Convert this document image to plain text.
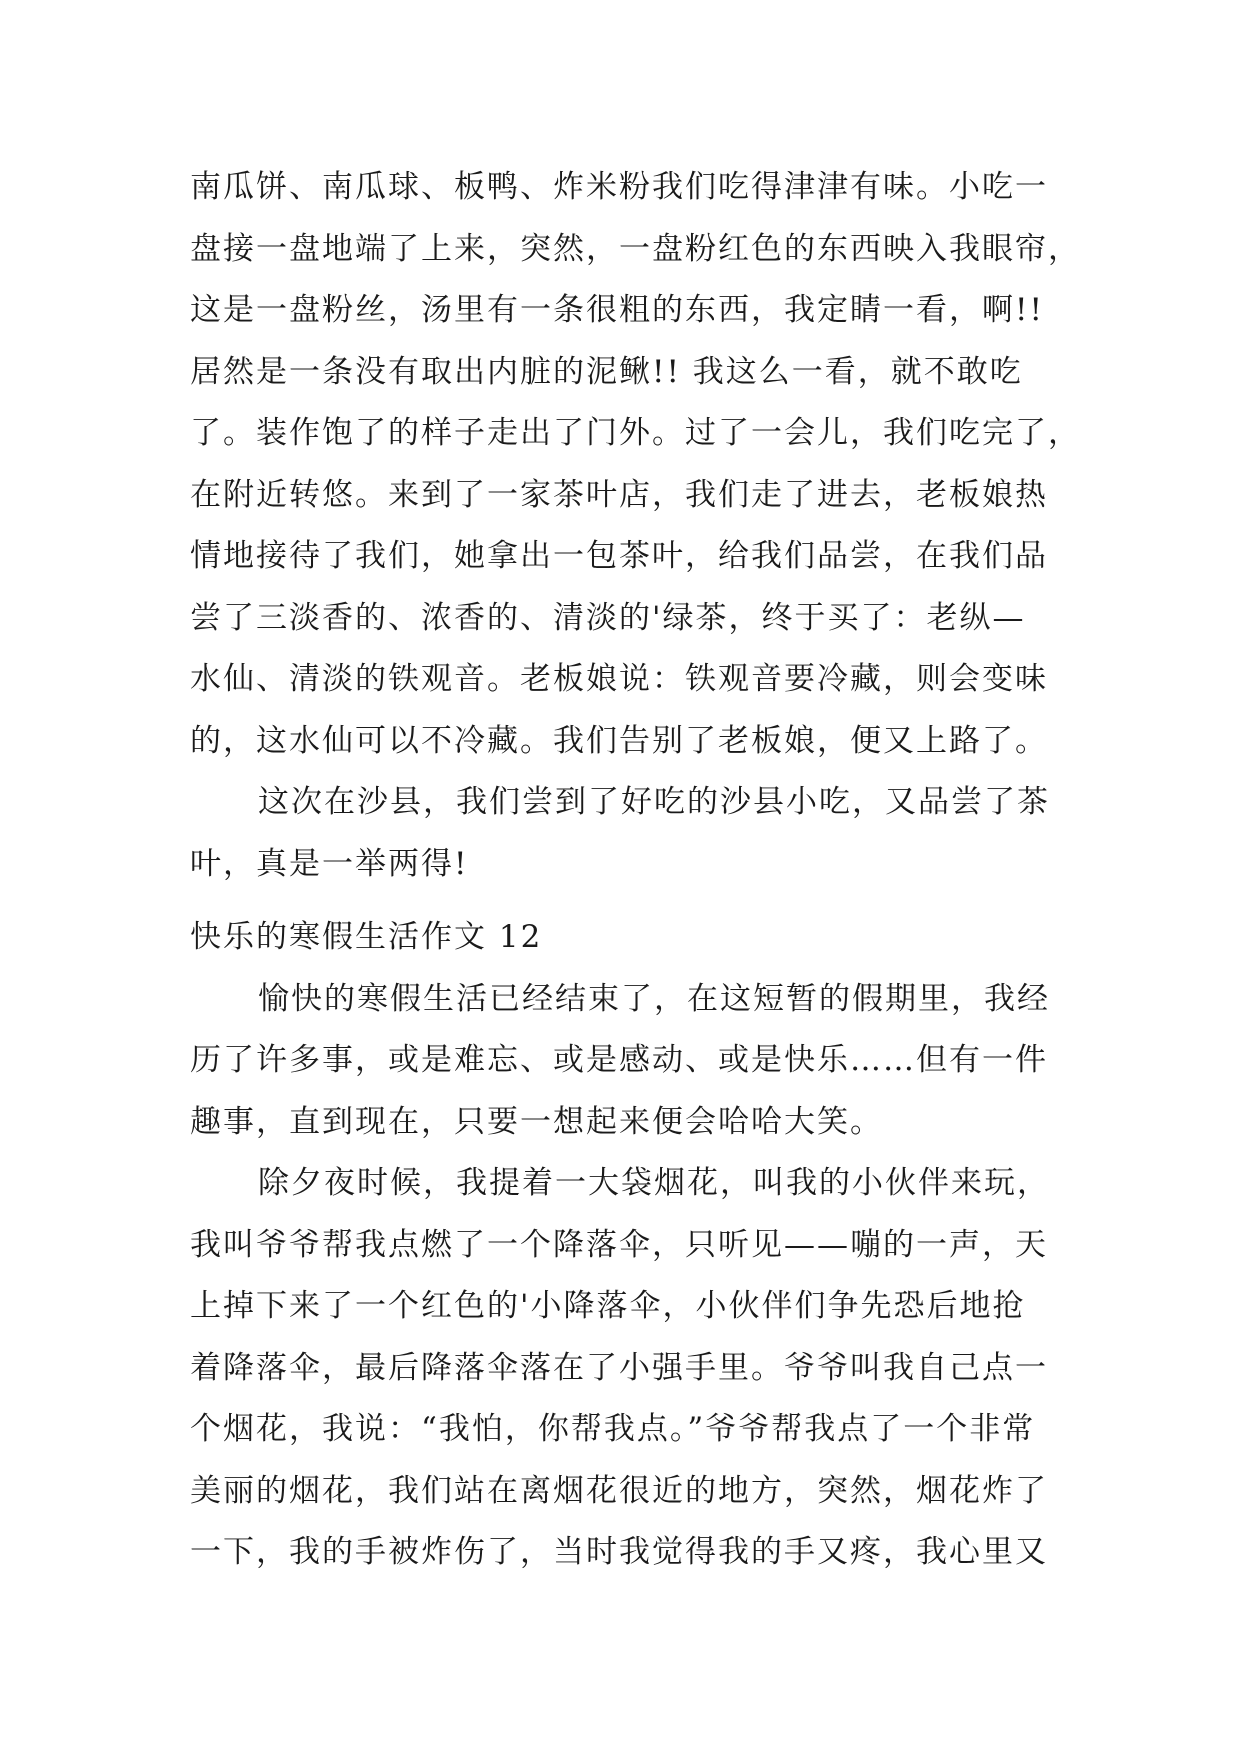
南瓜饼、南瓜球、板鸭、炸米粉我们吃得津津有味。小吃一
盘接一盘地端了上来，突然，一盘粉红色的东西映入我眼帘，
这是一盘粉丝，汤里有一条很粗的东西，我定睛一看，啊!!
居然是一条没有取出内脏的泥鳅!! 我这么一看，就不敢吃
了。装作饱了的样子走出了门外。过了一会儿，我们吃完了，
在附近转悠。来到了一家茶叶店，我们走了进去，老板娘热
情地接待了我们，她拿出一包茶叶，给我们品尝，在我们品
尝了三淡香的、浓香的、清淡的'绿茶，终于买了：老纵—
水仙、清淡的铁观音。老板娘说：铁观音要冷藏，则会变味
的，这水仙可以不冷藏。我们告别了老板娘，便又上路了。
这次在沙县，我们尝到了好吃的沙县小吃，又品尝了茶
叶，真是一举两得!
快乐的寒假生活作文 12
愉快的寒假生活已经结束了，在这短暂的假期里，我经
历了许多事，或是难忘、或是感动、或是快乐……但有一件
趣事，直到现在，只要一想起来便会哈哈大笑。
除夕夜时候，我提着一大袋烟花，叫我的小伙伴来玩，
我叫爷爷帮我点燃了一个降落伞，只听见——嘣的一声，天
上掉下来了一个红色的'小降落伞，小伙伴们争先恐后地抢
着降落伞，最后降落伞落在了小强手里。爷爷叫我自己点一
个烟花，我说：“我怕，你帮我点。”爷爷帮我点了一个非常
美丽的烟花，我们站在离烟花很近的地方，突然，烟花炸了
一下，我的手被炸伤了，当时我觉得我的手又疼，我心里又
